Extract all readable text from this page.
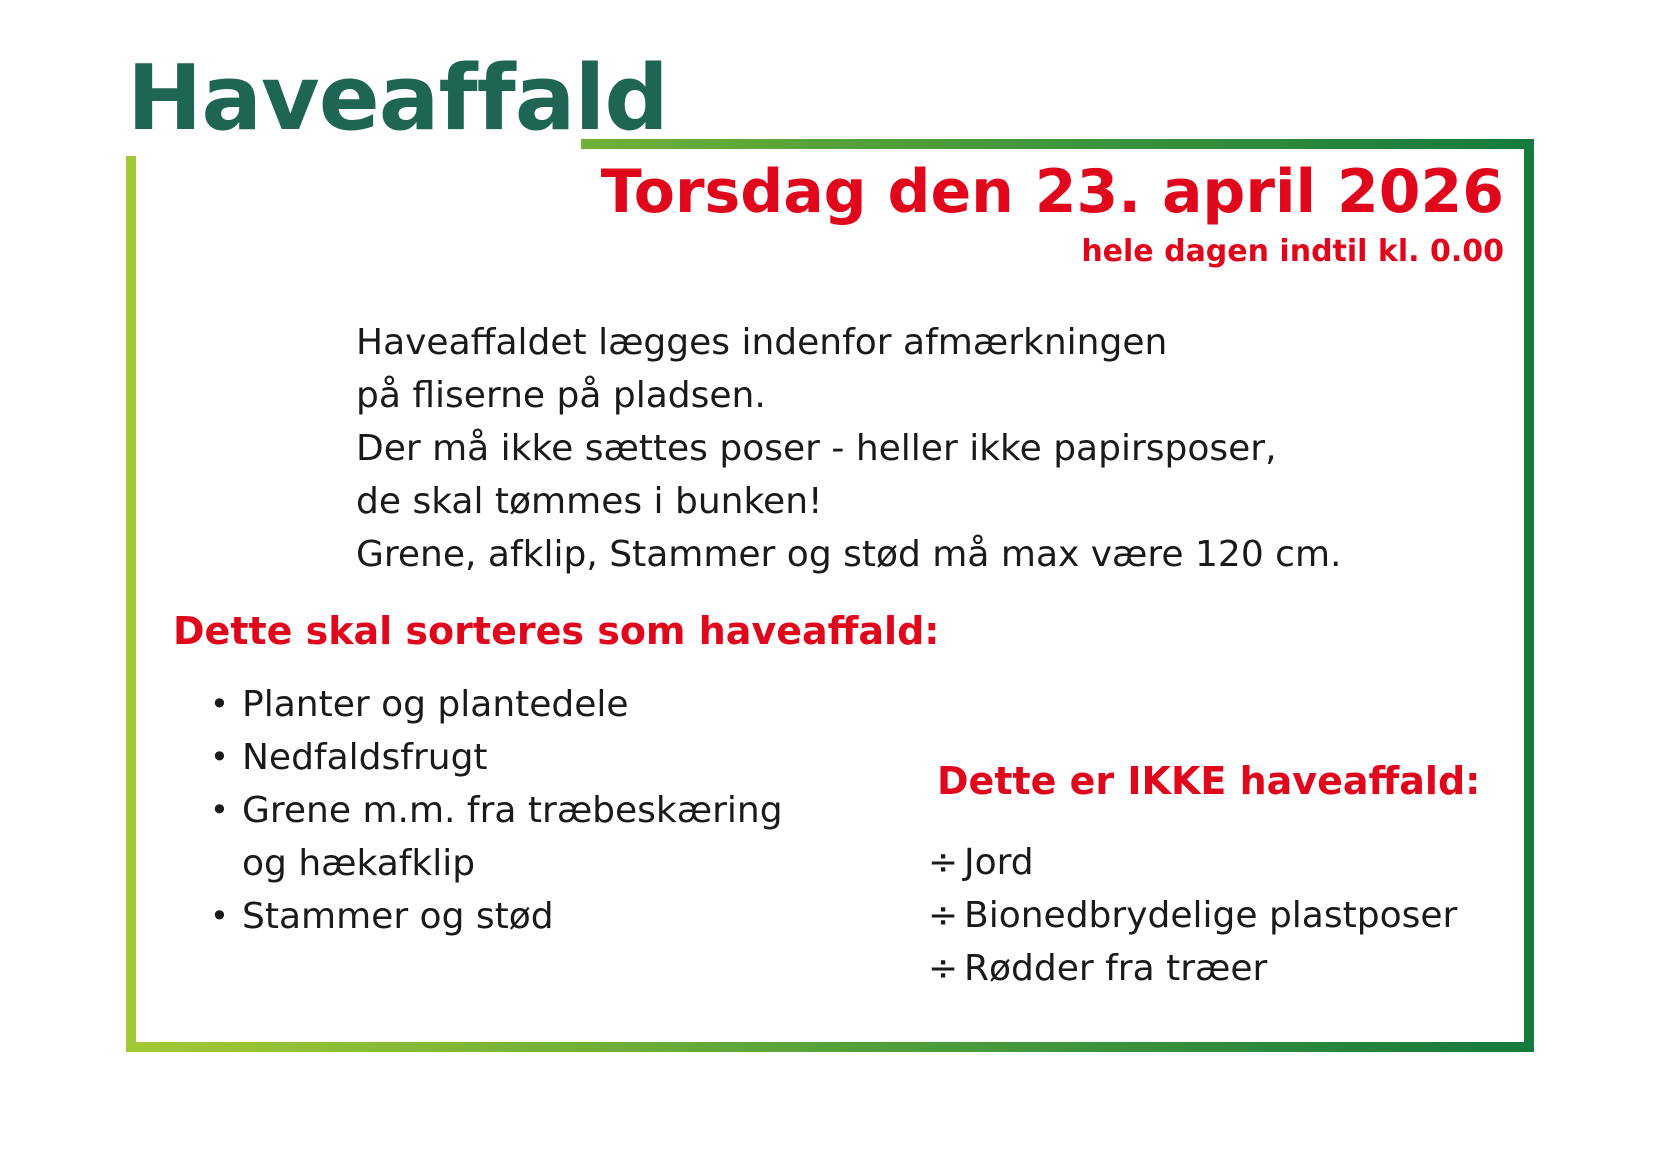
Haveaffald
Torsdag den 23. april 2026

hele dagen indtil kl. 0.00

Haveaffaldet lægges indenfor afmærkningen
på fliserne på pladsen.
Der må ikke sættes poser - heller ikke papirsposer,
de skal tømmes i bunken!
Grene, afklip, Stammer og stød må max være 120 cm.
Dette skal sorteres som haveaffald:
• Planter og plantedele
• Nedfaldsfrugt
• Grene m.m. fra træbeskæring
og hækafklip
• Stammer og stød
Dette er IKKE haveaffald:
÷ Jord
÷ Bionedbrydelige plastposer
÷ Rødder fra træer
